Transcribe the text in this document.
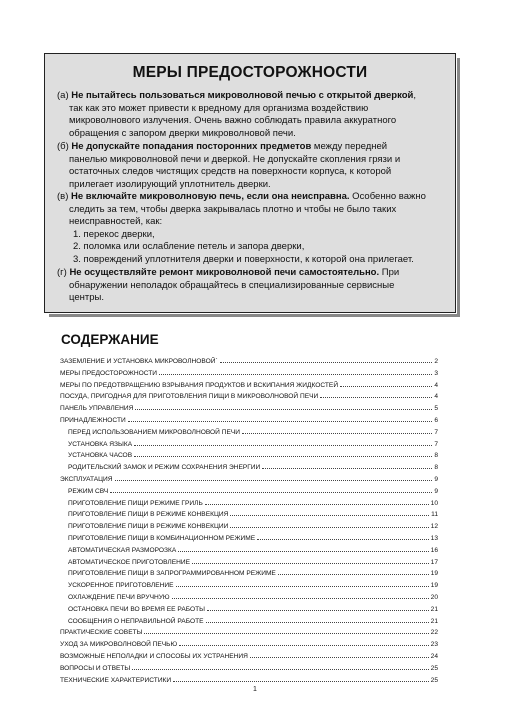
МЕРЫ ПРЕДОСТОРОЖНОСТИ

(а) Не пытайтесь пользоваться микроволновой печью с открытой дверкой,
так как это может привести к вредному для организма воздействию
микроволнового излучения. Очень важно соблюдать правила аккуратного
обращения с запором дверки микроволновой печи.

(б) Не допускайте попадания посторонних предметов между передней
панелью микроволновой печи и дверкой. Не допускайте скопления грязи и
остаточных следов чистящих средств на поверхности корпуса, к которой
прилегает изолирующий уплотнитель дверки.

(в) Не включайте микроволновую печь, если она неисправна. Особенно важно
следить за тем, чтобы дверка закрывалась плотно и чтобы не было таких
неисправностей, как:
1. перекос дверки,
2. поломка или ослабление петель и запора дверки,
3. повреждений уплотнителя дверки и поверхности, к которой она прилегает.

(г) Не осуществляйте ремонт микроволновой печи самостоятельно. При
обнаружении неполадок обращайтесь в специализированные сервисные
центры.

СОДЕРЖАНИЕ
ЗАЗЕМЛЕНИЕ И УСТАНОВКА МИКРОВОЛНОВОЙ`	2
МЕРЫ ПРЕДОСТОРОЖНОСТИ	3
МЕРЫ ПО ПРЕДОТВРАЩЕНИЮ ВЗРЫВАНИЯ ПРОДУКТОВ И ВСКИПАНИЯ ЖИДКОСТЕЙ	4
ПОСУДА, ПРИГОДНАЯ ДЛЯ ПРИГОТОВЛЕНИЯ ПИЩИ В МИКРОВОЛНОВОЙ ПЕЧИ	4
ПАНЕЛЬ УПРАВЛЕНИЯ	5
ПРИНАДЛЕЖНОСТИ	6
ПЕРЕД ИСПОЛЬЗОВАНИЕМ МИКРОВОЛНОВОЙ ПЕЧИ	7
УСТАНОВКА ЯЗЫКА	7
УСТАНОВКА ЧАСОВ	8
РОДИТЕЛЬСКИЙ ЗАМОК И РЕЖИМ СОХРАНЕНИЯ ЭНЕРГИИ	8
ЭКСПЛУАТАЦИЯ	9
РЕЖИМ СВЧ	9
ПРИГОТОВЛЕНИЕ ПИЩИ РЕЖИМЕ ГРИЛЬ	10
ПРИГОТОВЛЕНИЕ ПИЩИ В РЕЖИМЕ КОНВЕКЦИЯ	11
ПРИГОТОВЛЕНИЕ ПИЩИ В РЕЖИМЕ КОНВЕКЦИИ	12
ПРИГОТОВЛЕНИЕ ПИЩИ В КОМБИНАЦИОННОМ РЕЖИМЕ	13
АВТОМАТИЧЕСКАЯ РАЗМОРОЗКА	16
АВТОМАТИЧЕСКОЕ ПРИГОТОВЛЕНИЕ	17
ПРИГОТОВЛЕНИЕ ПИЩИ В ЗАПРОГРАММИРОВАННОМ РЕЖИМЕ	19
УСКОРЕННОЕ ПРИГОТОВЛЕНИЕ	19
ОХЛАЖДЕНИЕ ПЕЧИ ВРУЧНУЮ	20
ОСТАНОВКА ПЕЧИ ВО ВРЕМЯ ЕЕ РАБОТЫ	21
СООБЩЕНИЯ О НЕПРАВИЛЬНОЙ РАБОТЕ	21
ПРАКТИЧЕСКИЕ СОВЕТЫ	22
УХОД ЗА МИКРОВОЛНОВОЙ ПЕЧЬЮ	23
ВОЗМОЖНЫЕ НЕПОЛАДКИ И СПОСОБЫ ИХ УСТРАНЕНИЯ	24
ВОПРОСЫ И ОТВЕТЫ	25
ТЕХНИЧЕСКИЕ ХАРАКТЕРИСТИКИ	25
1
